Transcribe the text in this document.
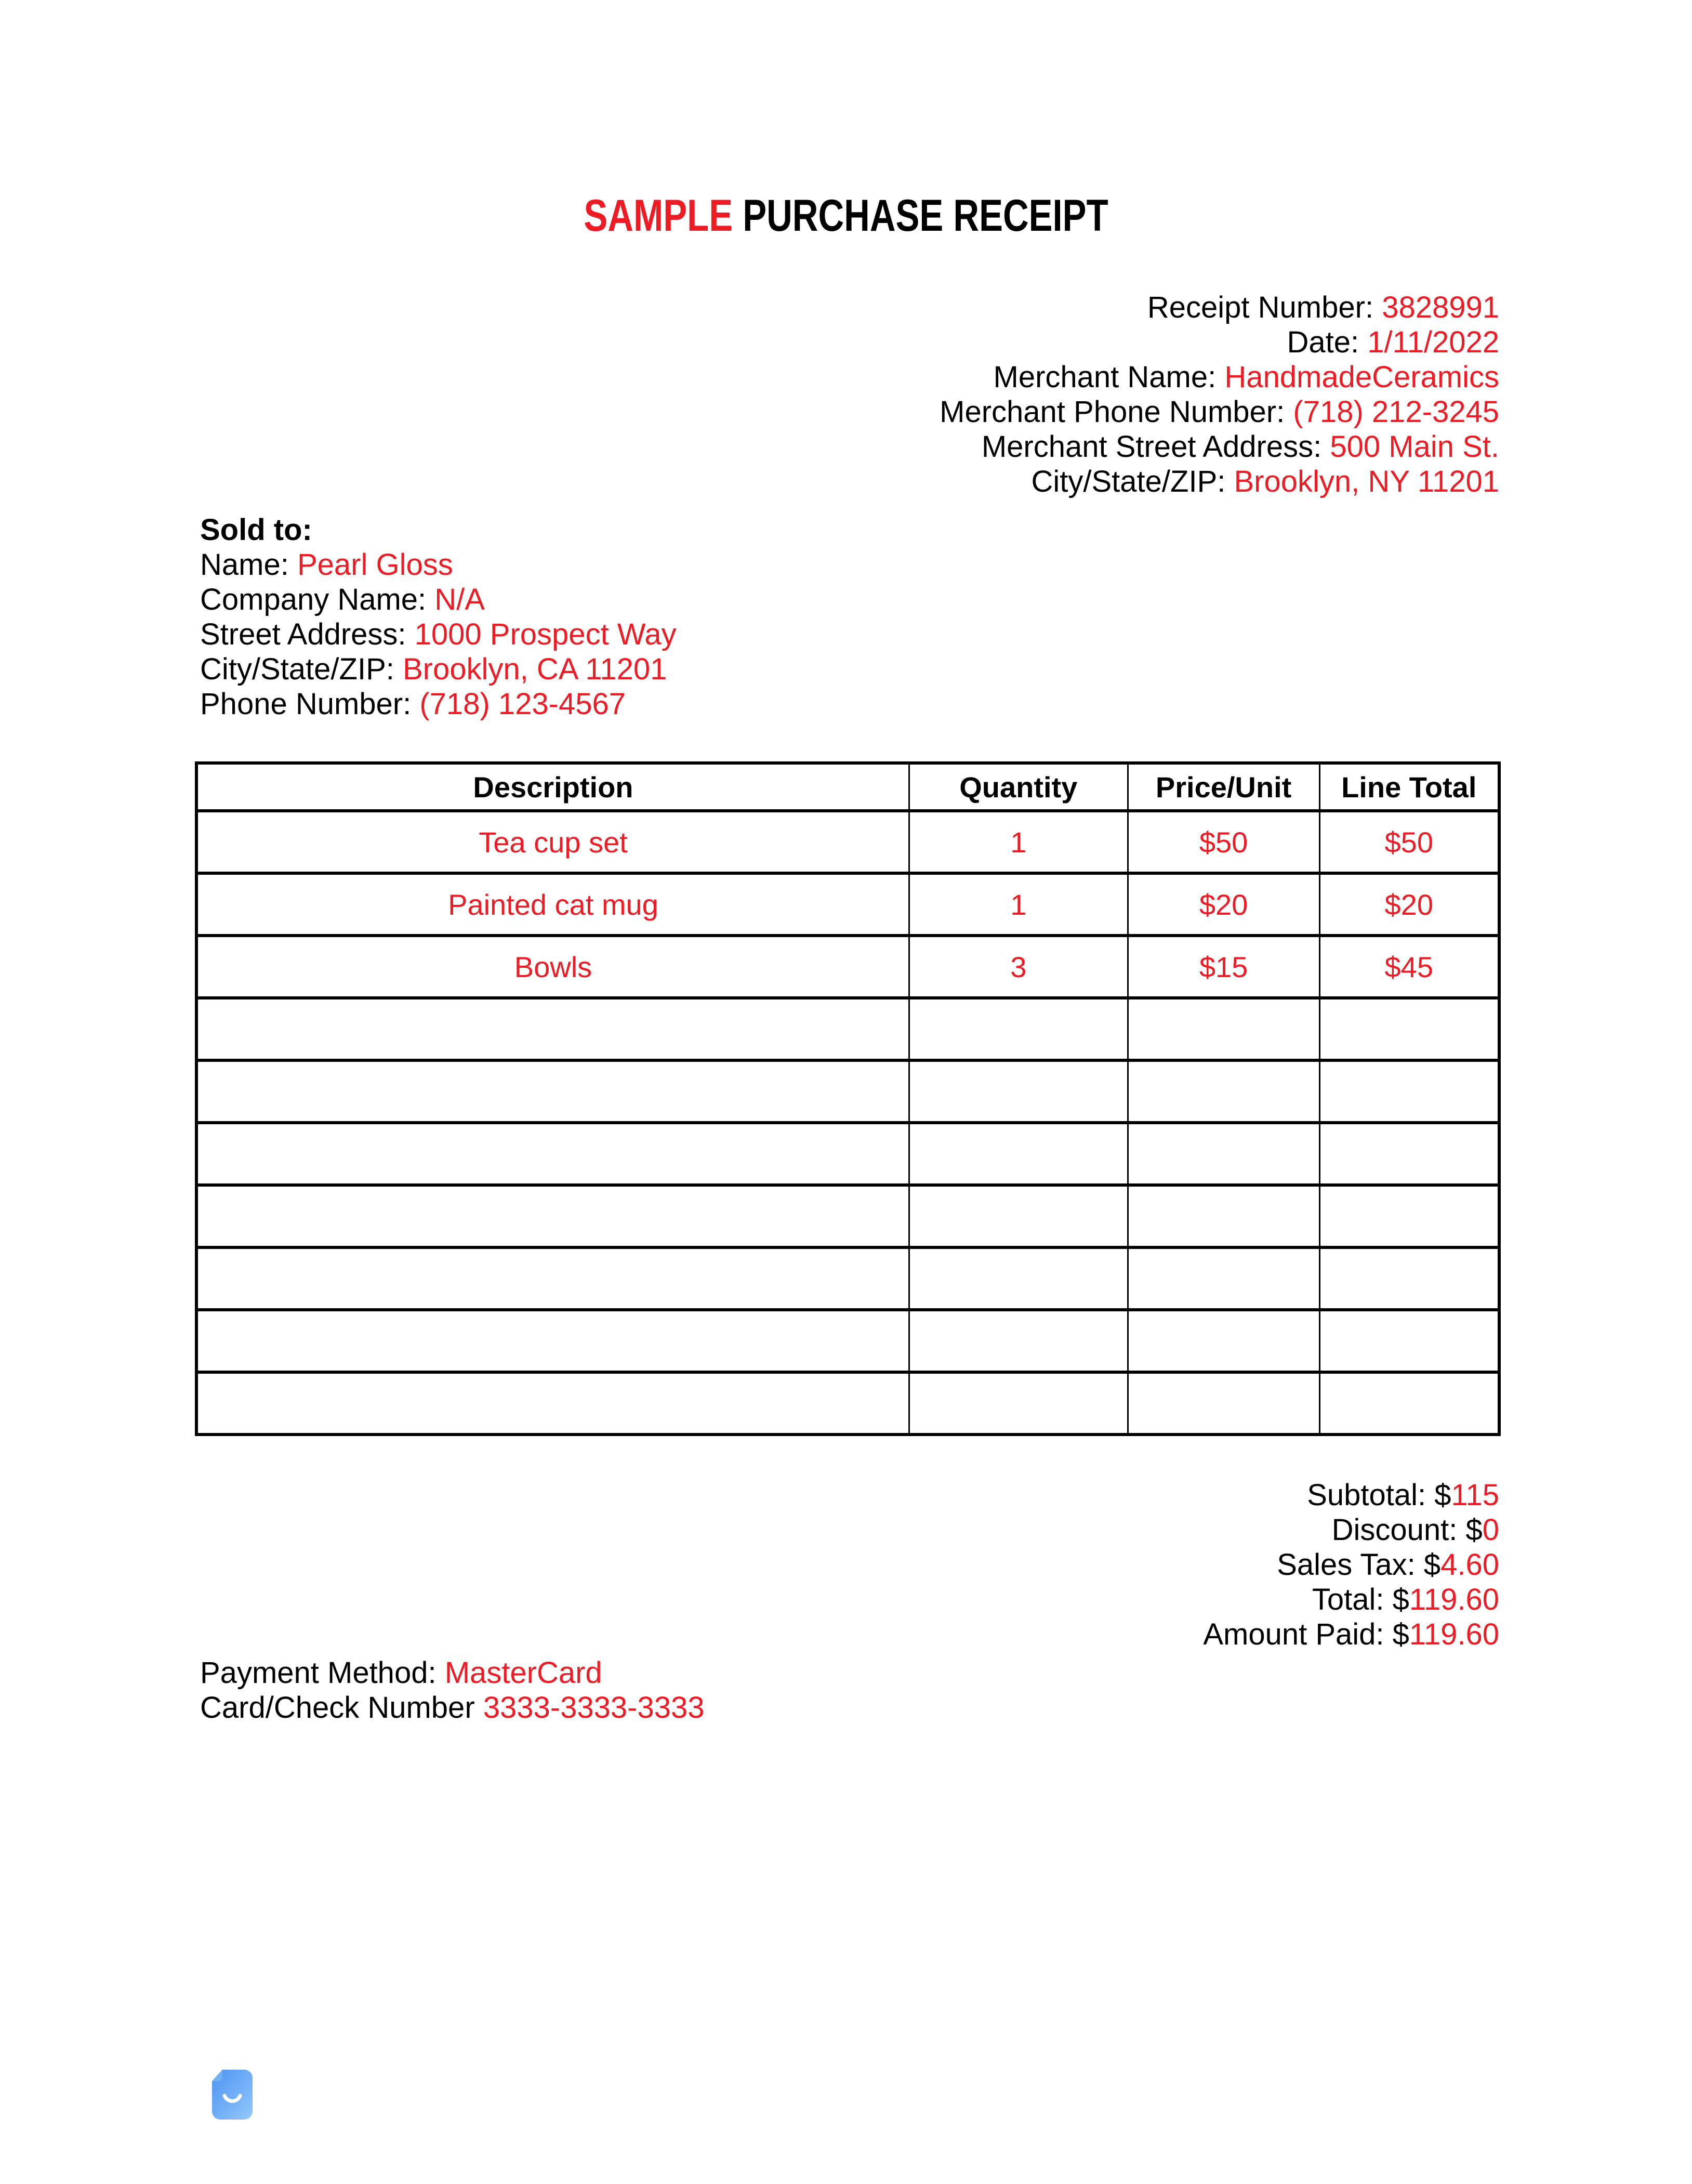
SAMPLE PURCHASE RECEIPT
Receipt Number: 3828991
Date: 1/11/2022
Merchant Name: HandmadeCeramics
Merchant Phone Number: (718) 212-3245
Merchant Street Address: 500 Main St.
City/State/ZIP: Brooklyn, NY 11201
Sold to:
Name: Pearl Gloss
Company Name: N/A
Street Address: 1000 Prospect Way
City/State/ZIP: Brooklyn, CA 11201
Phone Number: (718) 123-4567
Description	Quantity	Price/Unit	Line Total
Tea cup set	1	$50	$50
Painted cat mug	1	$20	$20
Bowls	3	$15	$45

Subtotal: $115
Discount: $0
Sales Tax: $4.60
Total: $119.60
Amount Paid: $119.60
Payment Method: MasterCard
Card/Check Number 3333-3333-3333
